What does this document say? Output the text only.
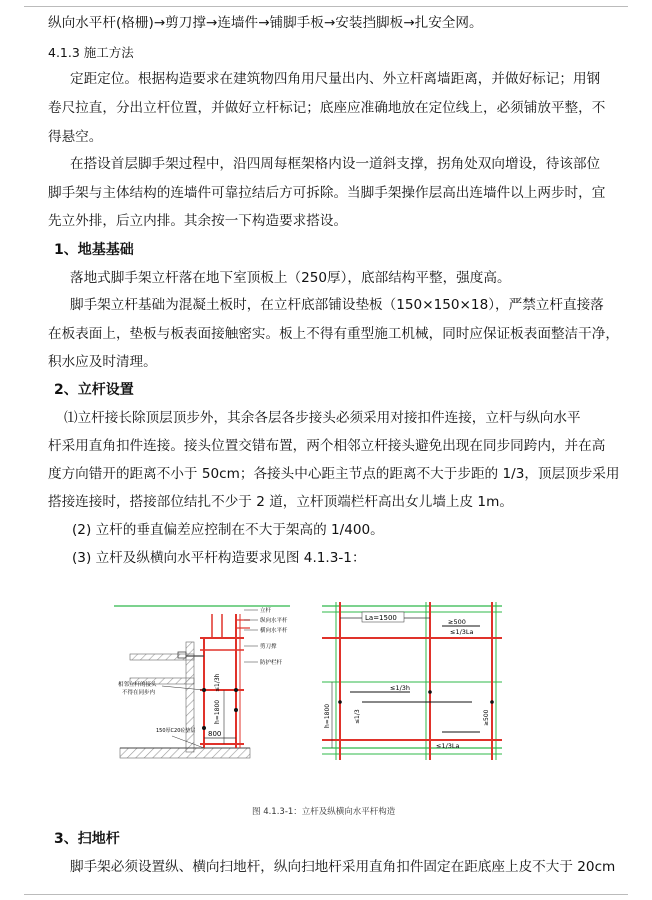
纵向水平杆(格栅)→剪刀撑→连墙件→铺脚手板→安装挡脚板→扎安全网。
4.1.3 施工方法
定距定位。根据构造要求在建筑物四角用尺量出内、外立杆离墙距离，并做好标记；用钢
卷尺拉直，分出立杆位置，并做好立杆标记；底座应准确地放在定位线上，必须铺放平整，不
得悬空。
在搭设首层脚手架过程中，沿四周每框架格内设一道斜支撑，拐角处双向增设，待该部位
脚手架与主体结构的连墙件可靠拉结后方可拆除。当脚手架操作层高出连墙件以上两步时，宜
先立外排，后立内排。其余按一下构造要求搭设。
1、地基基础
落地式脚手架立杆落在地下室顶板上（250厚），底部结构平整，强度高。
脚手架立杆基础为混凝土板时，在立杆底部铺设垫板（150×150×18），严禁立杆直接落
在板表面上，垫板与板表面接触密实。板上不得有重型施工机械，同时应保证板表面整洁干净，
积水应及时清理。
2、立杆设置
⑴立杆接长除顶层顶步外，其余各层各步接头必须采用对接扣件连接，立杆与纵向水平
杆采用直角扣件连接。接头位置交错布置，两个相邻立杆接头避免出现在同步同跨内，并在高
度方向错开的距离不小于 50cm；各接头中心距主节点的距离不大于步距的 1/3，顶层顶步采用
搭接连接时，搭接部位结扎不少于 2 道，立杆顶端栏杆高出女儿墙上皮 1m。
(2) 立杆的垂直偏差应控制在不大于架高的 1/400。
(3) 立杆及纵横向水平杆构造要求见图 4.1.3-1：
800
h=1800
≤1/3h
立杆
纵向水平杆
横向水平杆
剪刀撑
防护栏杆
相邻立杆的接头
不得在同步内
150厚C20砼垫层
La=1500	≥500
≤1/3La
≤1/3h
≤1/3
h=1800	≥500
≤1/3La
图 4.1.3-1：立杆及纵横向水平杆构造
3、扫地杆
脚手架必须设置纵、横向扫地杆，纵向扫地杆采用直角扣件固定在距底座上皮不大于 20cm
